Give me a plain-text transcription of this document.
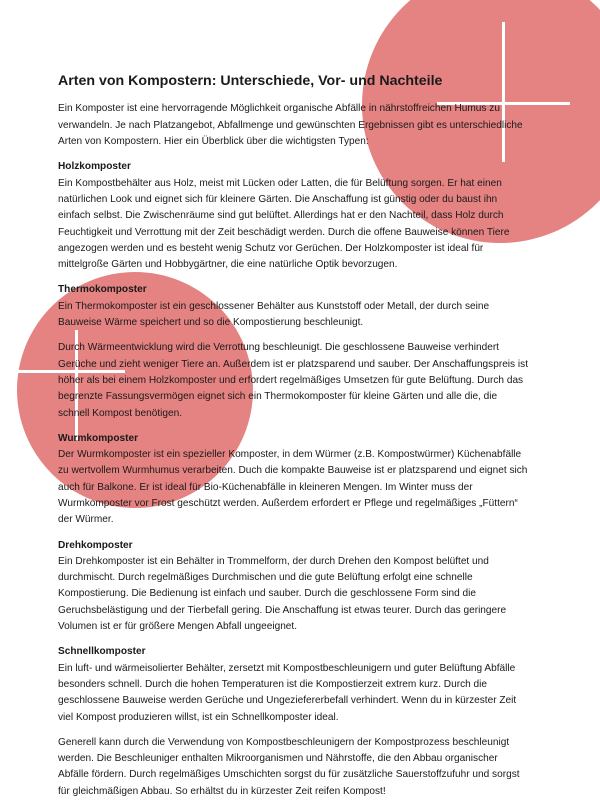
Arten von Kompostern: Unterschiede, Vor- und Nachteile

Ein Komposter ist eine hervorragende Möglichkeit organische Abfälle in nährstoffreichen Humus zu verwandeln. Je nach Platzangebot, Abfallmenge und gewünschten Ergebnissen gibt es unterschiedliche Arten von Kompostern. Hier ein Überblick über die wichtigsten Typen:

Holzkomposter

Ein Kompostbehälter aus Holz, meist mit Lücken oder Latten, die für Belüftung sorgen. Er hat einen natürlichen Look und eignet sich für kleinere Gärten. Die Anschaffung ist günstig oder du baust ihn einfach selbst. Die Zwischenräume sind gut belüftet. Allerdings hat er den Nachteil, dass Holz durch Feuchtigkeit und Verrottung mit der Zeit beschädigt werden. Durch die offene Bauweise können Tiere angezogen werden und es besteht wenig Schutz vor Gerüchen. Der Holzkomposter ist ideal für mittelgroße Gärten und Hobbygärtner, die eine natürliche Optik bevorzugen.

Thermokomposter

Ein Thermokomposter ist ein geschlossener Behälter aus Kunststoff oder Metall, der durch seine Bauweise Wärme speichert und so die Kompostierung beschleunigt.

Durch Wärmeentwicklung wird die Verrottung beschleunigt. Die geschlossene Bauweise verhindert Gerüche und zieht weniger Tiere an. Außerdem ist er platzsparend und sauber. Der Anschaffungspreis ist höher als bei einem Holzkomposter und erfordert regelmäßiges Umsetzen für gute Belüftung. Durch das begrenzte Fassungsvermögen eignet sich ein Thermokomposter für kleine Gärten und alle die, die schnell Kompost benötigen.

Wurmkomposter

Der Wurmkomposter ist ein spezieller Komposter, in dem Würmer (z.B. Kompostwürmer) Küchenabfälle zu wertvollem Wurmhumus verarbeiten. Duch die kompakte Bauweise ist er platzsparend und eignet sich auch für Balkone. Er ist ideal für Bio-Küchenabfälle in kleineren Mengen. Im Winter muss der Wurmkomposter vor Frost geschützt werden. Außerdem erfordert er Pflege und regelmäßiges „Füttern“ der Würmer.

Drehkomposter

Ein Drehkomposter ist ein Behälter in Trommelform, der durch Drehen den Kompost belüftet und durchmischt. Durch regelmäßiges Durchmischen und die gute Belüftung erfolgt eine schnelle Kompostierung. Die Bedienung ist einfach und sauber. Durch die geschlossene Form sind die Geruchsbelästigung und der Tierbefall gering. Die Anschaffung ist etwas teurer. Durch das geringere Volumen ist er für größere Mengen Abfall ungeeignet.

Schnellkomposter

Ein luft- und wärmeisolierter Behälter, zersetzt mit Kompostbeschleunigern und guter Belüftung Abfälle besonders schnell. Durch die hohen Temperaturen ist die Kompostierzeit extrem kurz. Durch die geschlossene Bauweise werden Gerüche und Ungeziefererbefall verhindert. Wenn du in kürzester Zeit viel Kompost produzieren willst, ist ein Schnellkomposter ideal.

Generell kann durch die Verwendung von Kompostbeschleunigern der Kompostprozess beschleunigt werden. Die Beschleuniger enthalten Mikroorganismen und Nährstoffe, die den Abbau organischer Abfälle fördern. Durch regelmäßiges Umschichten sorgst du für zusätzliche Sauerstoffzufuhr und sorgst für gleichmäßigen Abbau. So erhältst du in kürzester Zeit reifen Kompost!
